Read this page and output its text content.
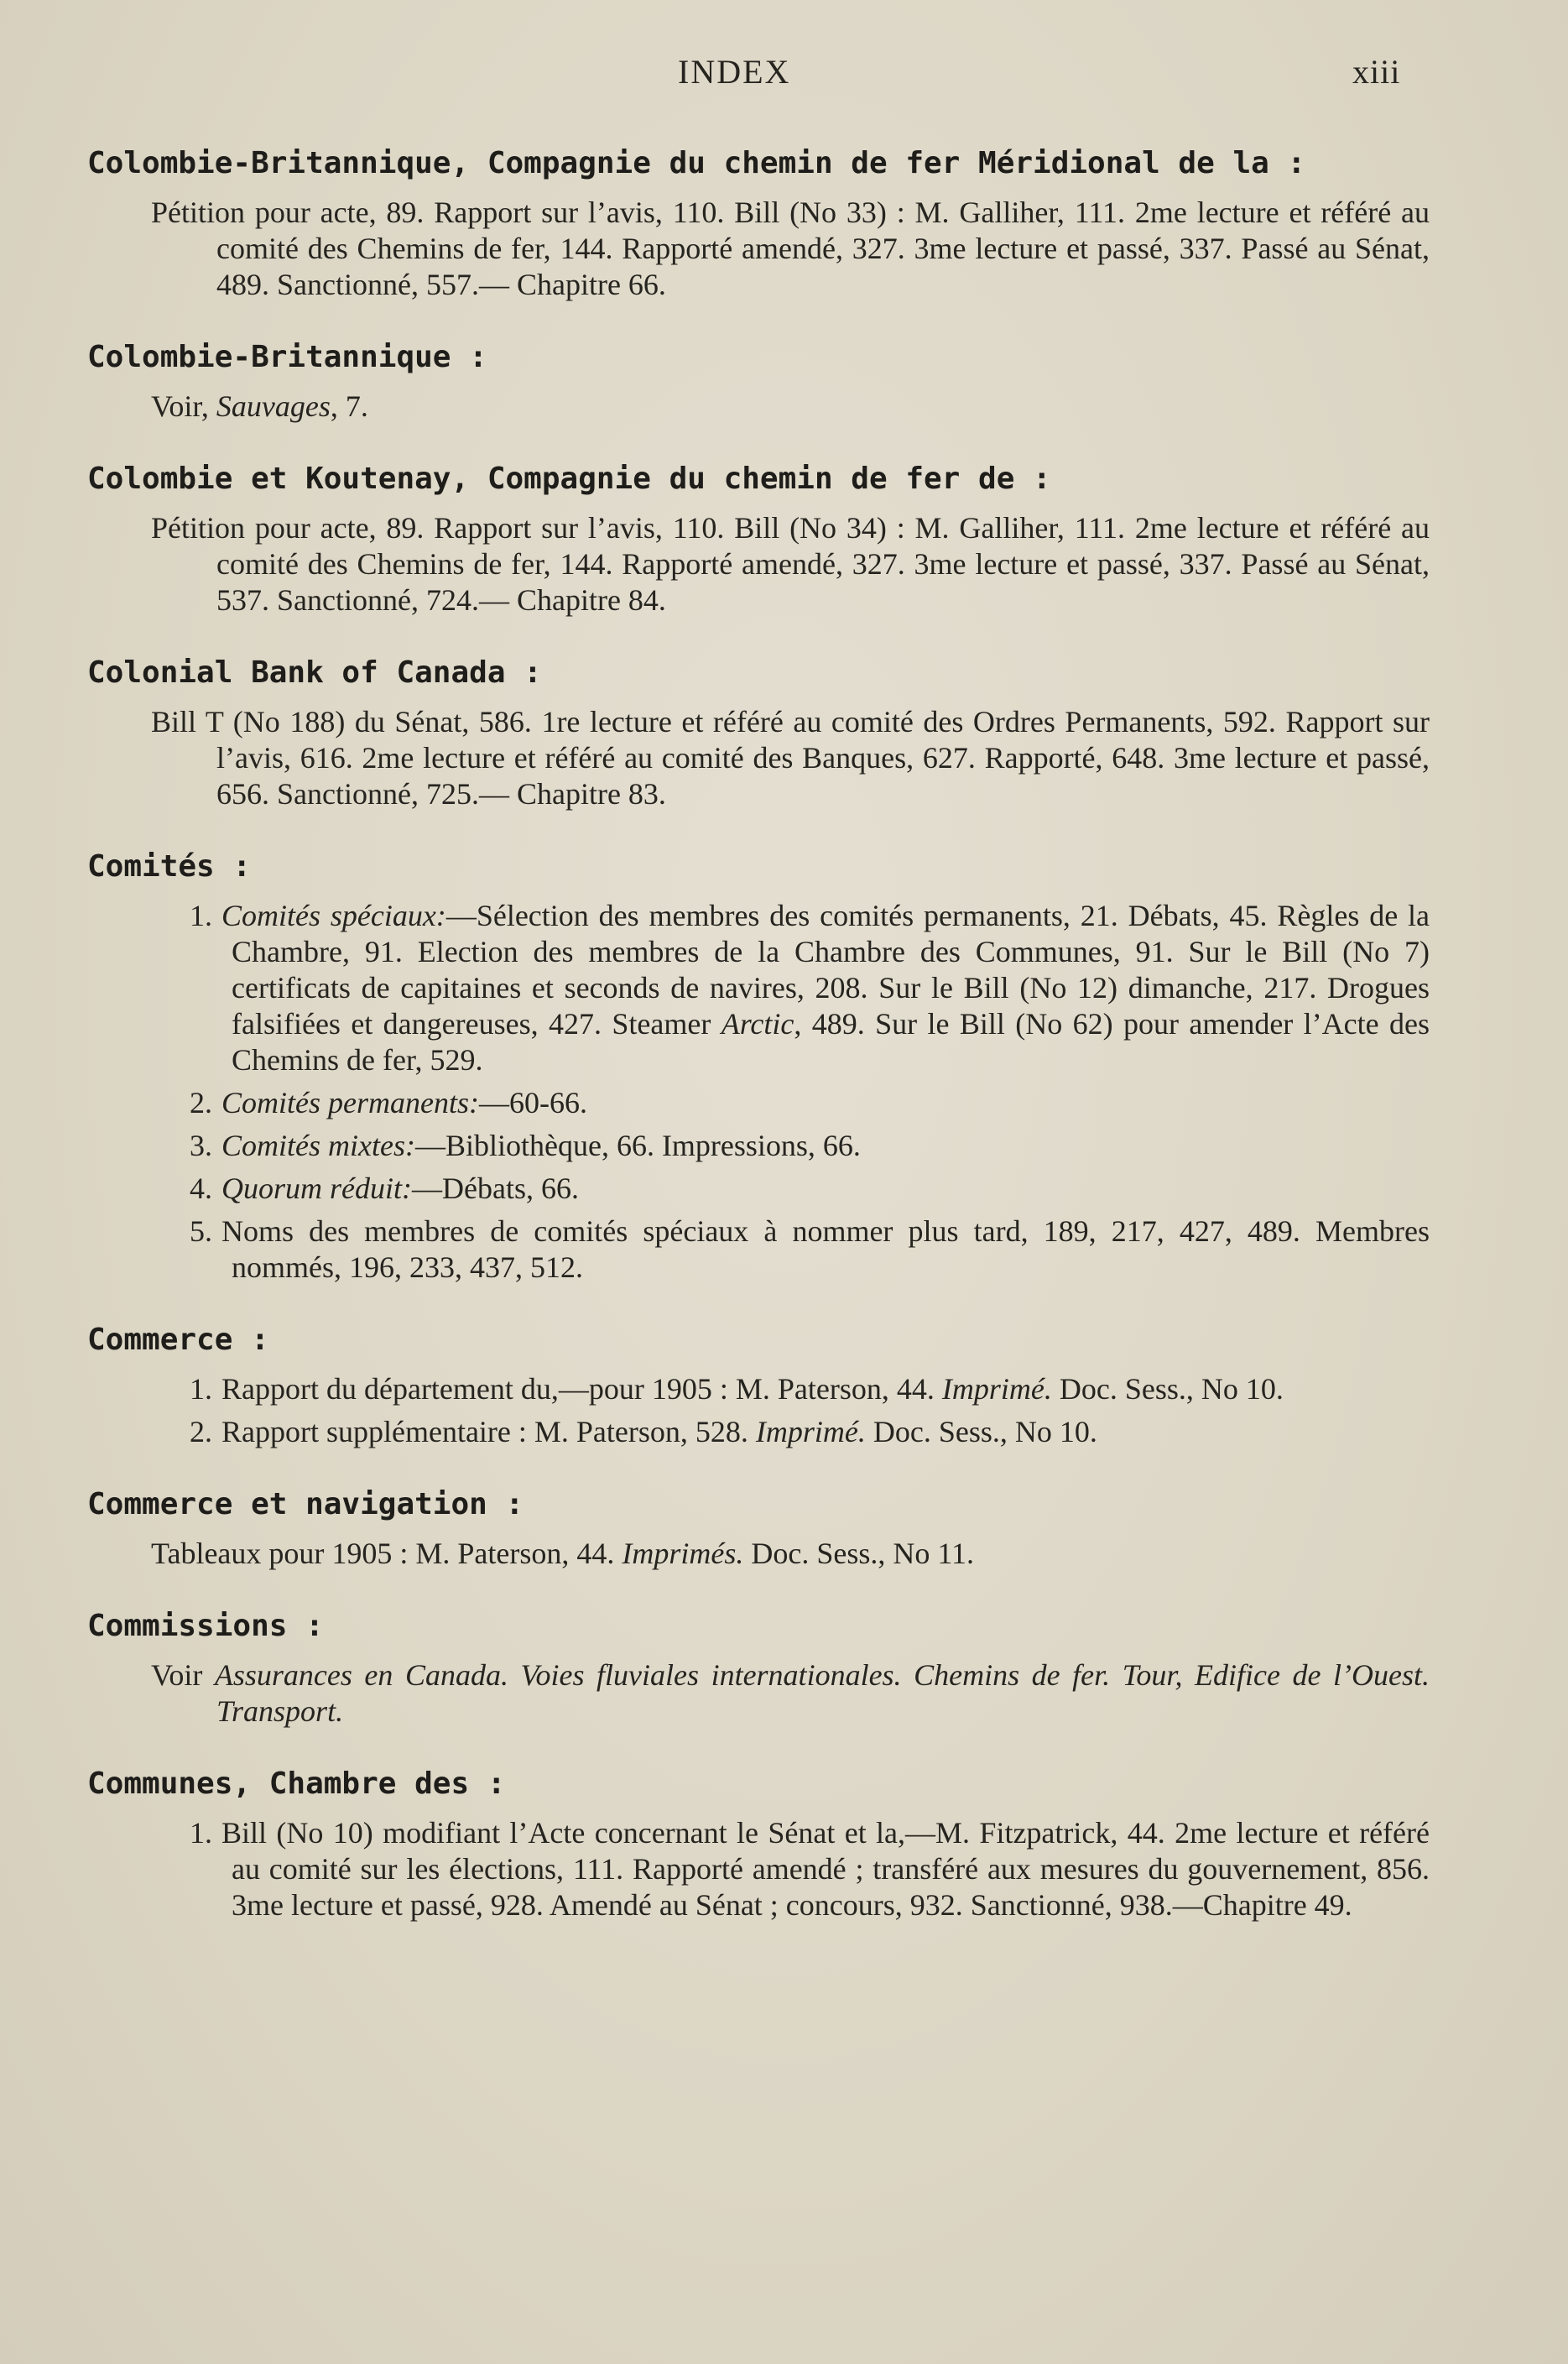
INDEX	xiii

Colombie-Britannique, Compagnie du chemin de fer Méridional de la :

Pétition pour acte, 89. Rapport sur l’avis, 110. Bill (No 33) : M. Galliher, 111. 2me lecture et référé au comité des Chemins de fer, 144. Rapporté amendé, 327. 3me lecture et passé, 337. Passé au Sénat, 489. Sanctionné, 557.— Chapitre 66.

Colombie-Britannique :

Voir, Sauvages, 7.

Colombie et Koutenay, Compagnie du chemin de fer de :

Pétition pour acte, 89. Rapport sur l’avis, 110. Bill (No 34) : M. Galliher, 111. 2me lecture et référé au comité des Chemins de fer, 144. Rapporté amendé, 327. 3me lecture et passé, 337. Passé au Sénat, 537. Sanctionné, 724.— Chapitre 84.

Colonial Bank of Canada :

Bill T (No 188) du Sénat, 586. 1re lecture et référé au comité des Ordres Permanents, 592. Rapport sur l’avis, 616. 2me lecture et référé au comité des Banques, 627. Rapporté, 648. 3me lecture et passé, 656. Sanctionné, 725.— Chapitre 83.

Comités :

1. Comités spéciaux:—Sélection des membres des comités permanents, 21. Débats, 45. Règles de la Chambre, 91. Election des membres de la Chambre des Communes, 91. Sur le Bill (No 7) certificats de capitaines et seconds de navires, 208. Sur le Bill (No 12) dimanche, 217. Drogues falsifiées et dangereuses, 427. Steamer Arctic, 489. Sur le Bill (No 62) pour amender l’Acte des Chemins de fer, 529.

2. Comités permanents:—60-66.

3. Comités mixtes:—Bibliothèque, 66. Impressions, 66.

4. Quorum réduit:—Débats, 66.

5. Noms des membres de comités spéciaux à nommer plus tard, 189, 217, 427, 489. Membres nommés, 196, 233, 437, 512.

Commerce :

1. Rapport du département du,—pour 1905 : M. Paterson, 44. Imprimé. Doc. Sess., No 10.

2. Rapport supplémentaire : M. Paterson, 528. Imprimé. Doc. Sess., No 10.

Commerce et navigation :

Tableaux pour 1905 : M. Paterson, 44. Imprimés. Doc. Sess., No 11.

Commissions :

Voir Assurances en Canada. Voies fluviales internationales. Chemins de fer. Tour, Edifice de l’Ouest. Transport.

Communes, Chambre des :

1. Bill (No 10) modifiant l’Acte concernant le Sénat et la,—M. Fitzpatrick, 44. 2me lecture et référé au comité sur les élections, 111. Rapporté amendé ; transféré aux mesures du gouvernement, 856. 3me lecture et passé, 928. Amendé au Sénat ; concours, 932. Sanctionné, 938.—Chapitre 49.
